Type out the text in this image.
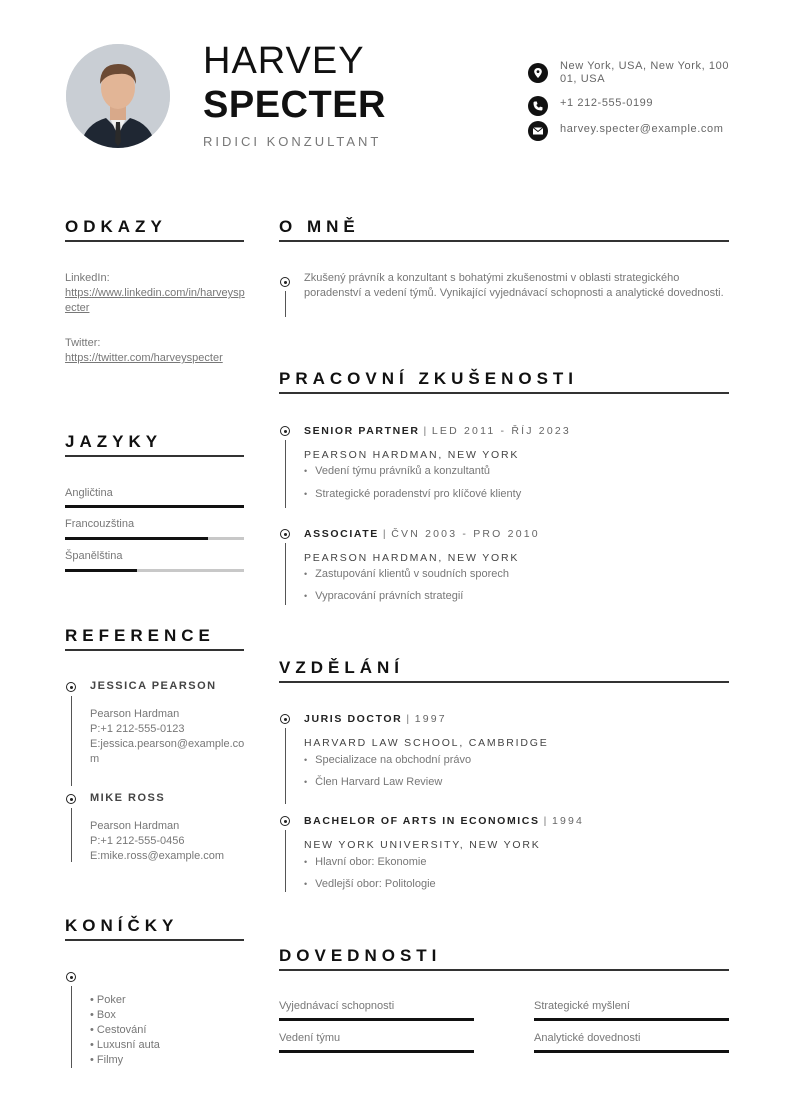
HARVEY
SPECTER
RIDICI KONZULTANT
New York, USA, New York, 10001, USA
+1 212-555-0199
harvey.specter@example.com
ODKAZY
LinkedIn:
https://www.linkedin.com/in/harveyspecter
Twitter:
https://twitter.com/harveyspecter
JAZYKY
Angličtina
Francouzština
Španělština
REFERENCE
JESSICA PEARSON
Pearson Hardman
P:+1 212-555-0123
E:jessica.pearson@example.com
MIKE ROSS
Pearson Hardman
P:+1 212-555-0456
E:mike.ross@example.com
KONÍČKY
• Poker
• Box
• Cestování
• Luxusní auta
• Filmy
O MNĚ
Zkušený právník a konzultant s bohatými zkušenostmi v oblasti strategického poradenství a vedení týmů. Vynikající vyjednávací schopnosti a analytické dovednosti.
PRACOVNÍ ZKUŠENOSTI
SENIOR PARTNER | LED 2011 - ŘÍJ 2023
PEARSON HARDMAN, NEW YORK
• Vedení týmu právníků a konzultantů
• Strategické poradenství pro klíčové klienty
ASSOCIATE | ČVN 2003 - PRO 2010
PEARSON HARDMAN, NEW YORK
• Zastupování klientů v soudních sporech
• Vypracování právních strategií
VZDĚLÁNÍ
JURIS DOCTOR | 1997
HARVARD LAW SCHOOL, CAMBRIDGE
• Specializace na obchodní právo
• Člen Harvard Law Review
BACHELOR OF ARTS IN ECONOMICS | 1994
NEW YORK UNIVERSITY, NEW YORK
• Hlavní obor: Ekonomie
• Vedlejší obor: Politologie
DOVEDNOSTI
Vyjednávací schopnosti	Strategické myšlení
Vedení týmu	Analytické dovednosti
